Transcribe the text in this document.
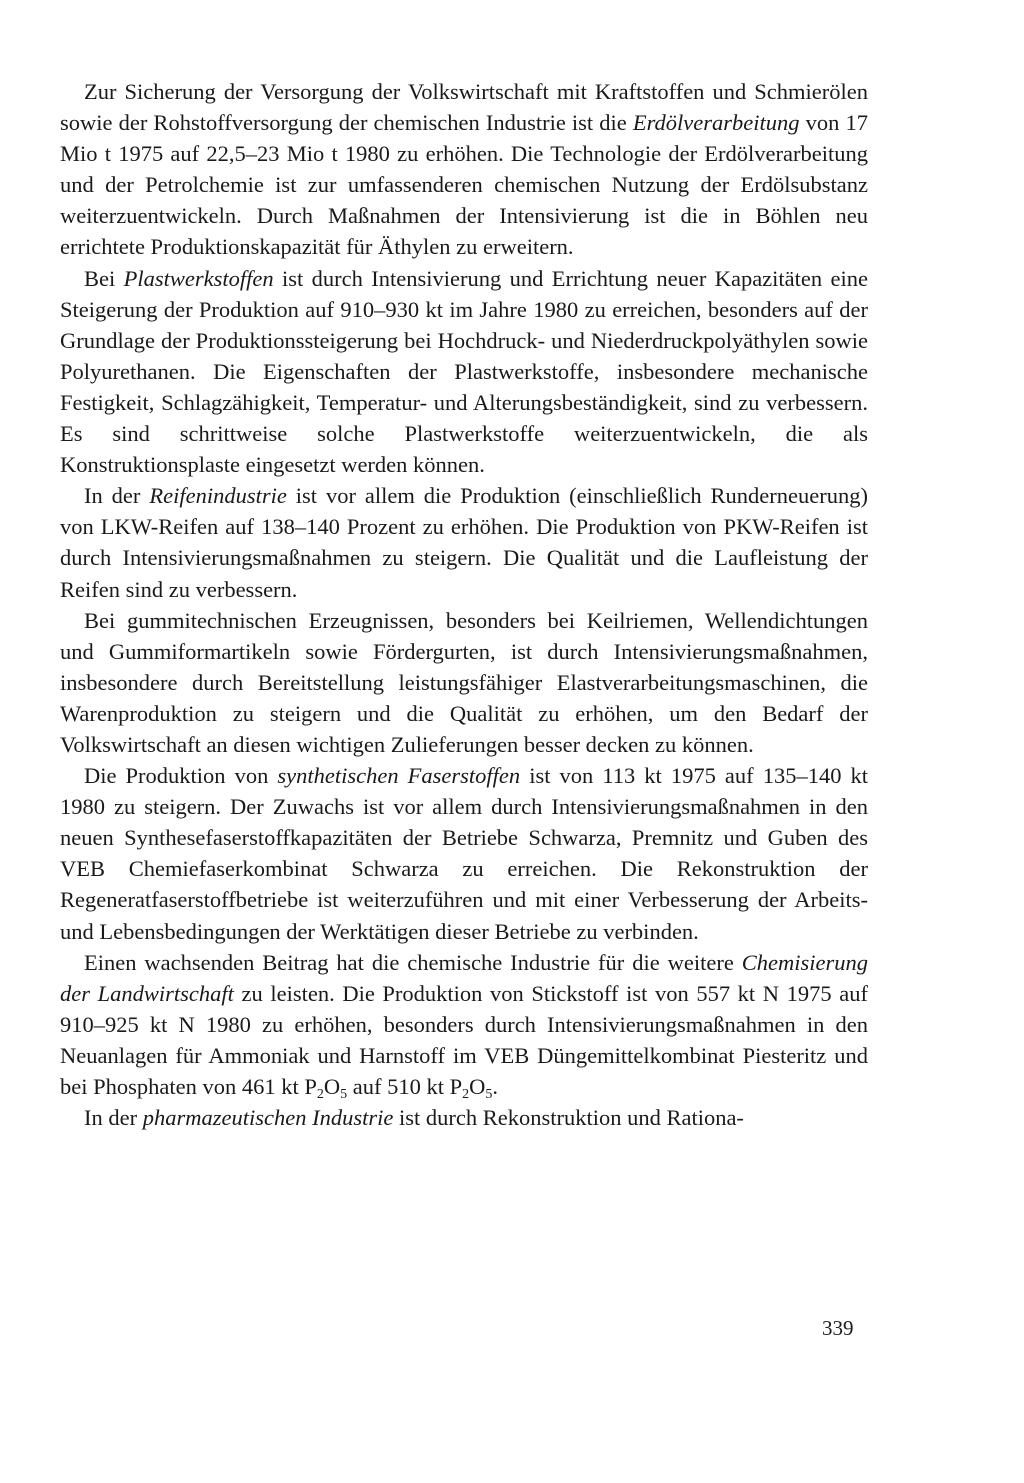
Zur Sicherung der Versorgung der Volkswirtschaft mit Kraftstoffen und Schmierölen sowie der Rohstoffversorgung der chemischen Industrie ist die Erdölverarbeitung von 17 Mio t 1975 auf 22,5–23 Mio t 1980 zu erhöhen. Die Technologie der Erdölverarbeitung und der Petrolchemie ist zur umfassenderen chemischen Nutzung der Erdölsubstanz weiterzuentwickeln. Durch Maßnahmen der Intensivierung ist die in Böhlen neu errichtete Produktionskapazität für Äthylen zu erweitern.

Bei Plastwerkstoffen ist durch Intensivierung und Errichtung neuer Kapazitäten eine Steigerung der Produktion auf 910–930 kt im Jahre 1980 zu erreichen, besonders auf der Grundlage der Produktionssteigerung bei Hochdruck- und Niederdruckpolyäthylen sowie Polyurethanen. Die Eigenschaften der Plastwerkstoffe, insbesondere mechanische Festigkeit, Schlagzähigkeit, Temperatur- und Alterungsbeständigkeit, sind zu verbessern. Es sind schrittweise solche Plastwerkstoffe weiterzuentwickeln, die als Konstruktionsplaste eingesetzt werden können.

In der Reifenindustrie ist vor allem die Produktion (einschließlich Runderneuerung) von LKW-Reifen auf 138–140 Prozent zu erhöhen. Die Produktion von PKW-Reifen ist durch Intensivierungsmaßnahmen zu steigern. Die Qualität und die Laufleistung der Reifen sind zu verbessern.

Bei gummitechnischen Erzeugnissen, besonders bei Keilriemen, Wellendichtungen und Gummiformartikeln sowie Fördergurten, ist durch Intensivierungsmaßnahmen, insbesondere durch Bereitstellung leistungsfähiger Elastverarbeitungsmaschinen, die Warenproduktion zu steigern und die Qualität zu erhöhen, um den Bedarf der Volkswirtschaft an diesen wichtigen Zulieferungen besser decken zu können.

Die Produktion von synthetischen Faserstoffen ist von 113 kt 1975 auf 135–140 kt 1980 zu steigern. Der Zuwachs ist vor allem durch Intensivierungsmaßnahmen in den neuen Synthesefaserstoffkapazitäten der Betriebe Schwarza, Premnitz und Guben des VEB Chemiefaserkombinat Schwarza zu erreichen. Die Rekonstruktion der Regeneratfaserstoffbetriebe ist weiterzuführen und mit einer Verbesserung der Arbeits- und Lebensbedingungen der Werktätigen dieser Betriebe zu verbinden.

Einen wachsenden Beitrag hat die chemische Industrie für die weitere Chemisierung der Landwirtschaft zu leisten. Die Produktion von Stickstoff ist von 557 kt N 1975 auf 910–925 kt N 1980 zu erhöhen, besonders durch Intensivierungsmaßnahmen in den Neuanlagen für Ammoniak und Harnstoff im VEB Düngemittelkombinat Piesteritz und bei Phosphaten von 461 kt $P_2O_5$ auf 510 kt $P_2O_5$.

In der pharmazeutischen Industrie ist durch Rekonstruktion und Rationa-

339
